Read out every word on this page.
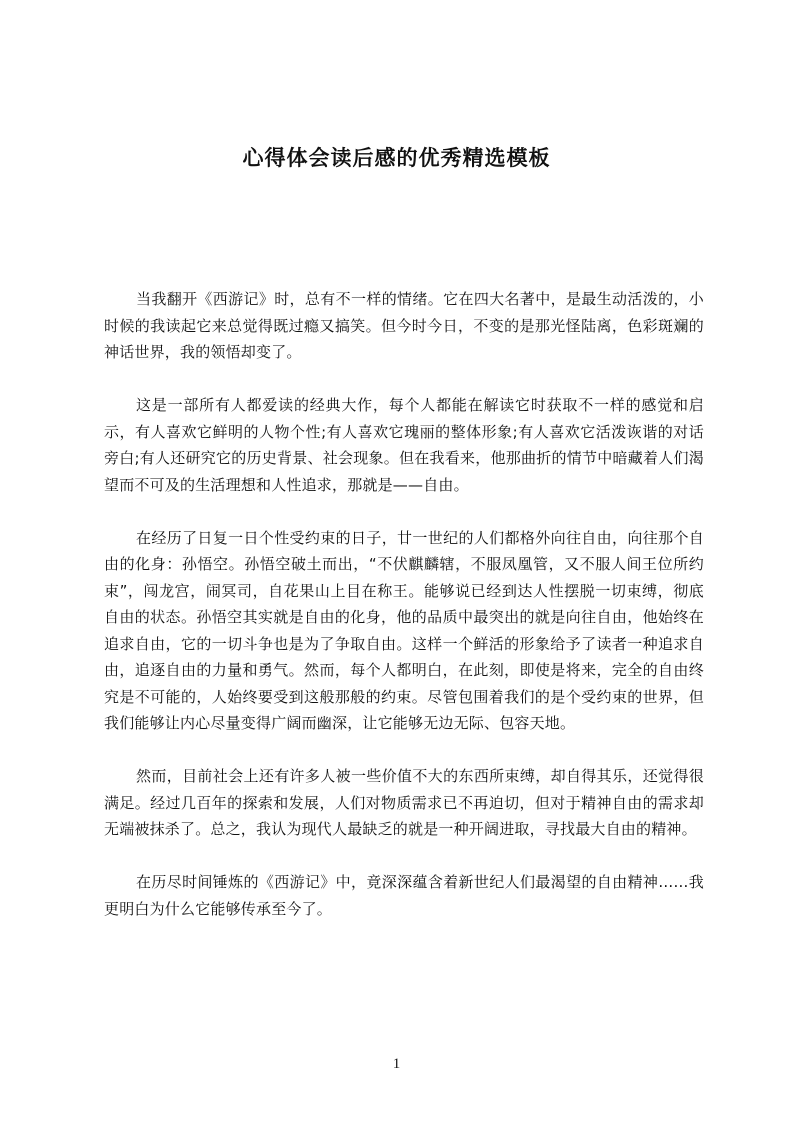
心得体会读后感的优秀精选模板

当我翻开《西游记》时，总有不一样的情绪。它在四大名著中，是最生动活泼的，小时候的我读起它来总觉得既过瘾又搞笑。但今时今日，不变的是那光怪陆离，色彩斑斓的神话世界，我的领悟却变了。

这是一部所有人都爱读的经典大作，每个人都能在解读它时获取不一样的感觉和启示，有人喜欢它鲜明的人物个性;有人喜欢它瑰丽的整体形象;有人喜欢它活泼诙谐的对话旁白;有人还研究它的历史背景、社会现象。但在我看来，他那曲折的情节中暗藏着人们渴望而不可及的生活理想和人性追求，那就是——自由。

在经历了日复一日个性受约束的日子，廿一世纪的人们都格外向往自由，向往那个自由的化身：孙悟空。孙悟空破土而出，“不伏麒麟辖，不服凤凰管，又不服人间王位所约束”，闯龙宫，闹冥司，自花果山上目在称王。能够说已经到达人性摆脱一切束缚，彻底自由的状态。孙悟空其实就是自由的化身，他的品质中最突出的就是向往自由，他始终在追求自由，它的一切斗争也是为了争取自由。这样一个鲜活的形象给予了读者一种追求自由，追逐自由的力量和勇气。然而，每个人都明白，在此刻，即使是将来，完全的自由终究是不可能的，人始终要受到这般那般的约束。尽管包围着我们的是个受约束的世界，但我们能够让内心尽量变得广阔而幽深，让它能够无边无际、包容天地。

然而，目前社会上还有许多人被一些价值不大的东西所束缚，却自得其乐，还觉得很满足。经过几百年的探索和发展，人们对物质需求已不再迫切，但对于精神自由的需求却无端被抹杀了。总之，我认为现代人最缺乏的就是一种开阔进取，寻找最大自由的精神。

在历尽时间锤炼的《西游记》中，竟深深蕴含着新世纪人们最渴望的自由精神……我更明白为什么它能够传承至今了。

1
